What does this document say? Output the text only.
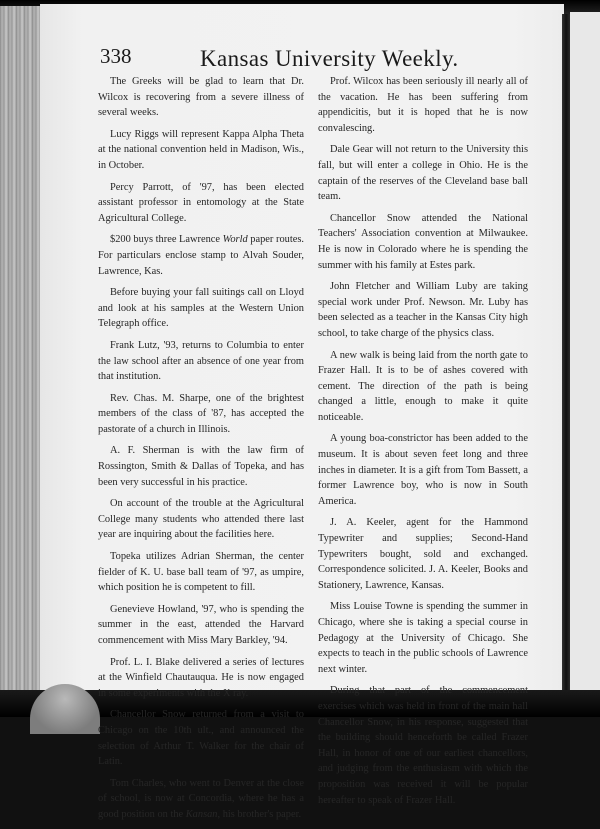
338	Kansas University Weekly.

The Greeks will be glad to learn that Dr. Wilcox is recovering from a severe illness of several weeks.

Lucy Riggs will represent Kappa Alpha Theta at the national convention held in Madison, Wis., in October.

Percy Parrott, of '97, has been elected assistant professor in entomology at the State Agricultural College.

$200 buys three Lawrence World paper routes. For particulars enclose stamp to Alvah Souder, Lawrence, Kas.

Before buying your fall suitings call on Lloyd and look at his samples at the Western Union Telegraph office.

Frank Lutz, '93, returns to Columbia to enter the law school after an absence of one year from that institution.

Rev. Chas. M. Sharpe, one of the brightest members of the class of '87, has accepted the pastorate of a church in Illinois.

A. F. Sherman is with the law firm of Rossington, Smith & Dallas of Topeka, and has been very successful in his practice.

On account of the trouble at the Agricultural College many students who attended there last year are inquiring about the facilities here.

Topeka utilizes Adrian Sherman, the center fielder of K. U. base ball team of '97, as umpire, which position he is competent to fill.

Genevieve Howland, '97, who is spending the summer in the east, attended the Harvard commencement with Miss Mary Barkley, '94.

Prof. L. I. Blake delivered a series of lectures at the Winfield Chautauqua. He is now engaged in some experiments with the X ray.

Chancellor Snow returned from a visit to Chicago on the 10th ult., and announced the selection of Arthur T. Walker for the chair of Latin.

Tom Charles, who went to Denver at the close of school, is now at Concordia, where he has a good position on the Kansan, his brother's paper.

Prof. Wilcox has been seriously ill nearly all of the vacation. He has been suffering from appendicitis, but it is hoped that he is now convalescing.

Dale Gear will not return to the University this fall, but will enter a college in Ohio. He is the captain of the reserves of the Cleveland base ball team.

Chancellor Snow attended the National Teachers' Association convention at Milwaukee. He is now in Colorado where he is spending the summer with his family at Estes park.

John Fletcher and William Luby are taking special work under Prof. Newson. Mr. Luby has been selected as a teacher in the Kansas City high school, to take charge of the physics class.

A new walk is being laid from the north gate to Frazer Hall. It is to be of ashes covered with cement. The direction of the path is being changed a little, enough to make it quite noticeable.

A young boa-constrictor has been added to the museum. It is about seven feet long and three inches in diameter. It is a gift from Tom Bassett, a former Lawrence boy, who is now in South America.

J. A. Keeler, agent for the Hammond Typewriter and supplies; Second-Hand Typewriters bought, sold and exchanged. Correspondence solicited. J. A. Keeler, Books and Stationery, Lawrence, Kansas.

Miss Louise Towne is spending the summer in Chicago, where she is taking a special course in Pedagogy at the University of Chicago. She expects to teach in the public schools of Lawrence next winter.

During that part of the commencement exercises which was held in front of the main hall Chancellor Snow, in his response, suggested that the building should henceforth be called Frazer Hall, in honor of one of our earliest chancellors, and judging from the enthusiasm with which the proposition was received it will be popular hereafter to speak of Frazer Hall.
